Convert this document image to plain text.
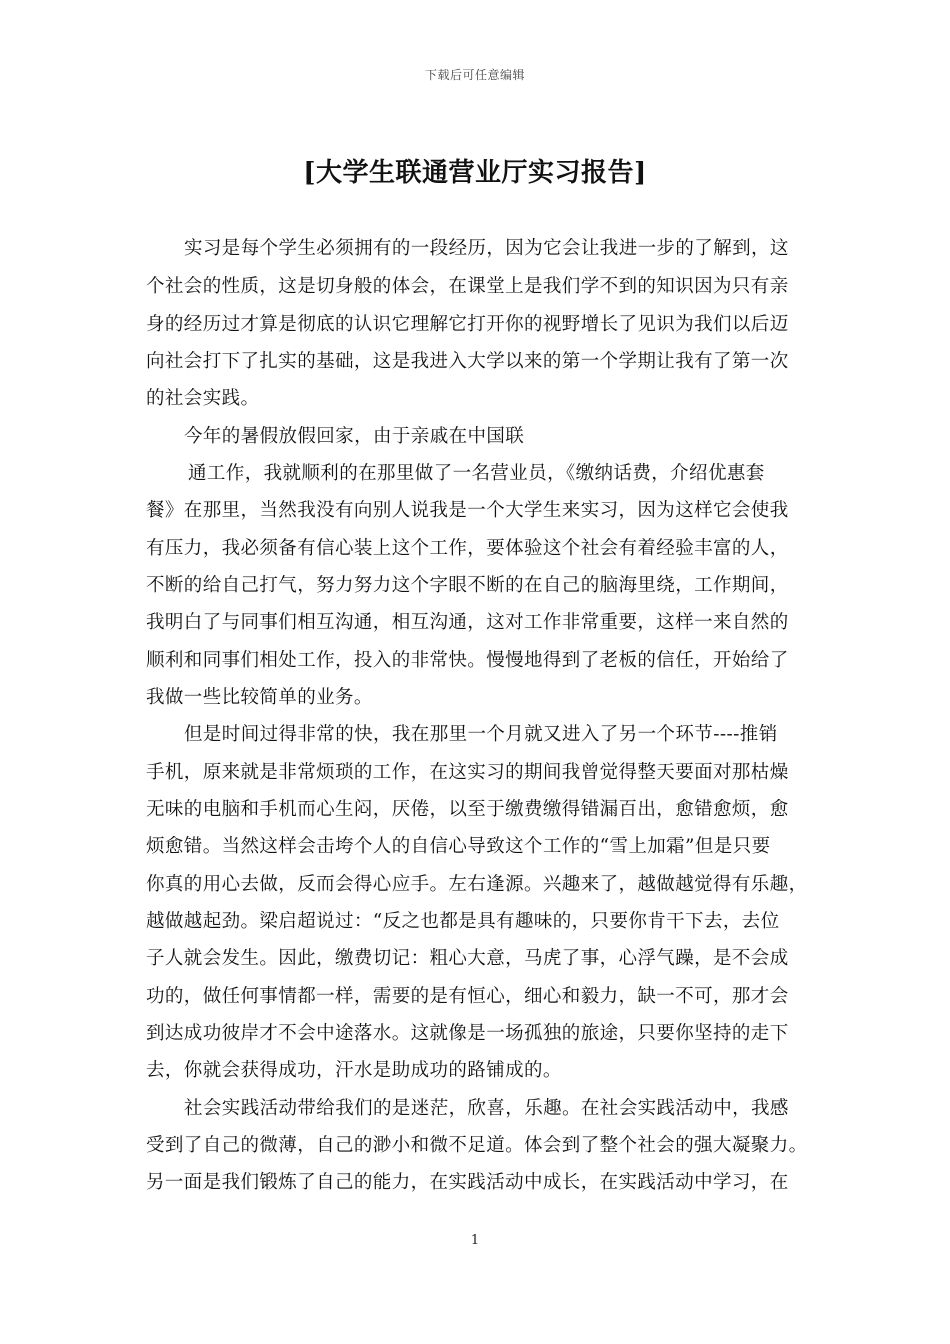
下载后可任意编辑
[大学生联通营业厅实习报告]
实习是每个学生必须拥有的一段经历，因为它会让我进一步的了解到，这
个社会的性质，这是切身般的体会，在课堂上是我们学不到的知识因为只有亲
身的经历过才算是彻底的认识它理解它打开你的视野增长了见识为我们以后迈
向社会打下了扎实的基础，这是我进入大学以来的第一个学期让我有了第一次
的社会实践。
今年的暑假放假回家，由于亲戚在中国联
通工作，我就顺利的在那里做了一名营业员，《缴纳话费，介绍优惠套
餐》在那里，当然我没有向别人说我是一个大学生来实习，因为这样它会使我
有压力，我必须备有信心装上这个工作，要体验这个社会有着经验丰富的人，
不断的给自己打气，努力努力这个字眼不断的在自己的脑海里绕，工作期间，
我明白了与同事们相互沟通，相互沟通，这对工作非常重要，这样一来自然的
顺利和同事们相处工作，投入的非常快。慢慢地得到了老板的信任，开始给了
我做一些比较简单的业务。
但是时间过得非常的快，我在那里一个月就又进入了另一个环节----推销
手机，原来就是非常烦琐的工作，在这实习的期间我曾觉得整天要面对那枯燥
无味的电脑和手机而心生闷，厌倦，以至于缴费缴得错漏百出，愈错愈烦，愈
烦愈错。当然这样会击垮个人的自信心导致这个工作的“雪上加霜”但是只要
你真的用心去做，反而会得心应手。左右逢源。兴趣来了，越做越觉得有乐趣，
越做越起劲。梁启超说过：“反之也都是具有趣味的，只要你肯干下去，去位
子人就会发生。因此，缴费切记：粗心大意，马虎了事，心浮气躁，是不会成
功的，做任何事情都一样，需要的是有恒心，细心和毅力，缺一不可，那才会
到达成功彼岸才不会中途落水。这就像是一场孤独的旅途，只要你坚持的走下
去，你就会获得成功，汗水是助成功的路铺成的。
社会实践活动带给我们的是迷茫，欣喜，乐趣。在社会实践活动中，我感
受到了自己的微薄，自己的渺小和微不足道。体会到了整个社会的强大凝聚力。
另一面是我们锻炼了自己的能力，在实践活动中成长，在实践活动中学习，在
1
